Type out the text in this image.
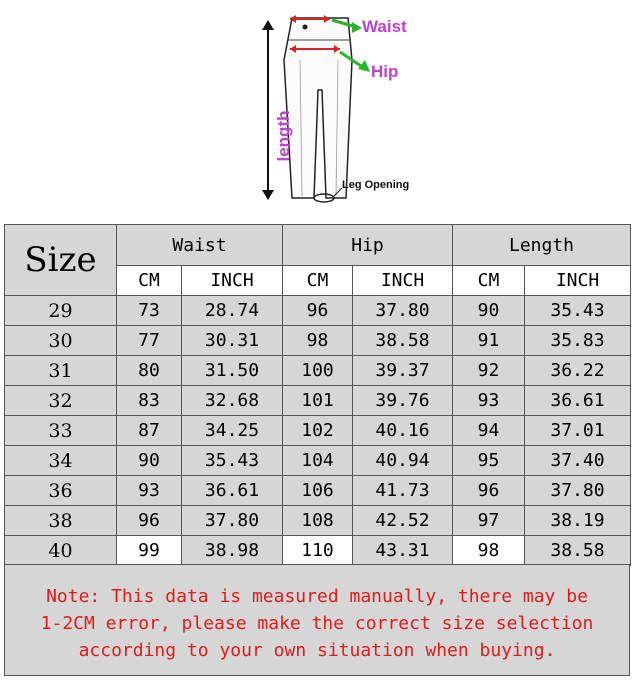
Waist
Hip
length
Leg Opening
Size	Waist		Hip		Length	
	CM	INCH	CM	INCH	CM	INCH
29	73	28.74	96	37.80	90	35.43
30	77	30.31	98	38.58	91	35.83
31	80	31.50	100	39.37	92	36.22
32	83	32.68	101	39.76	93	36.61
33	87	34.25	102	40.16	94	37.01
34	90	35.43	104	40.94	95	37.40
36	93	36.61	106	41.73	96	37.80
38	96	37.80	108	42.52	97	38.19
40	99	38.98	110	43.31	98	38.58
Note: This data is measured manually, there may be
1-2CM error, please make the correct size selection
according to your own situation when buying.
